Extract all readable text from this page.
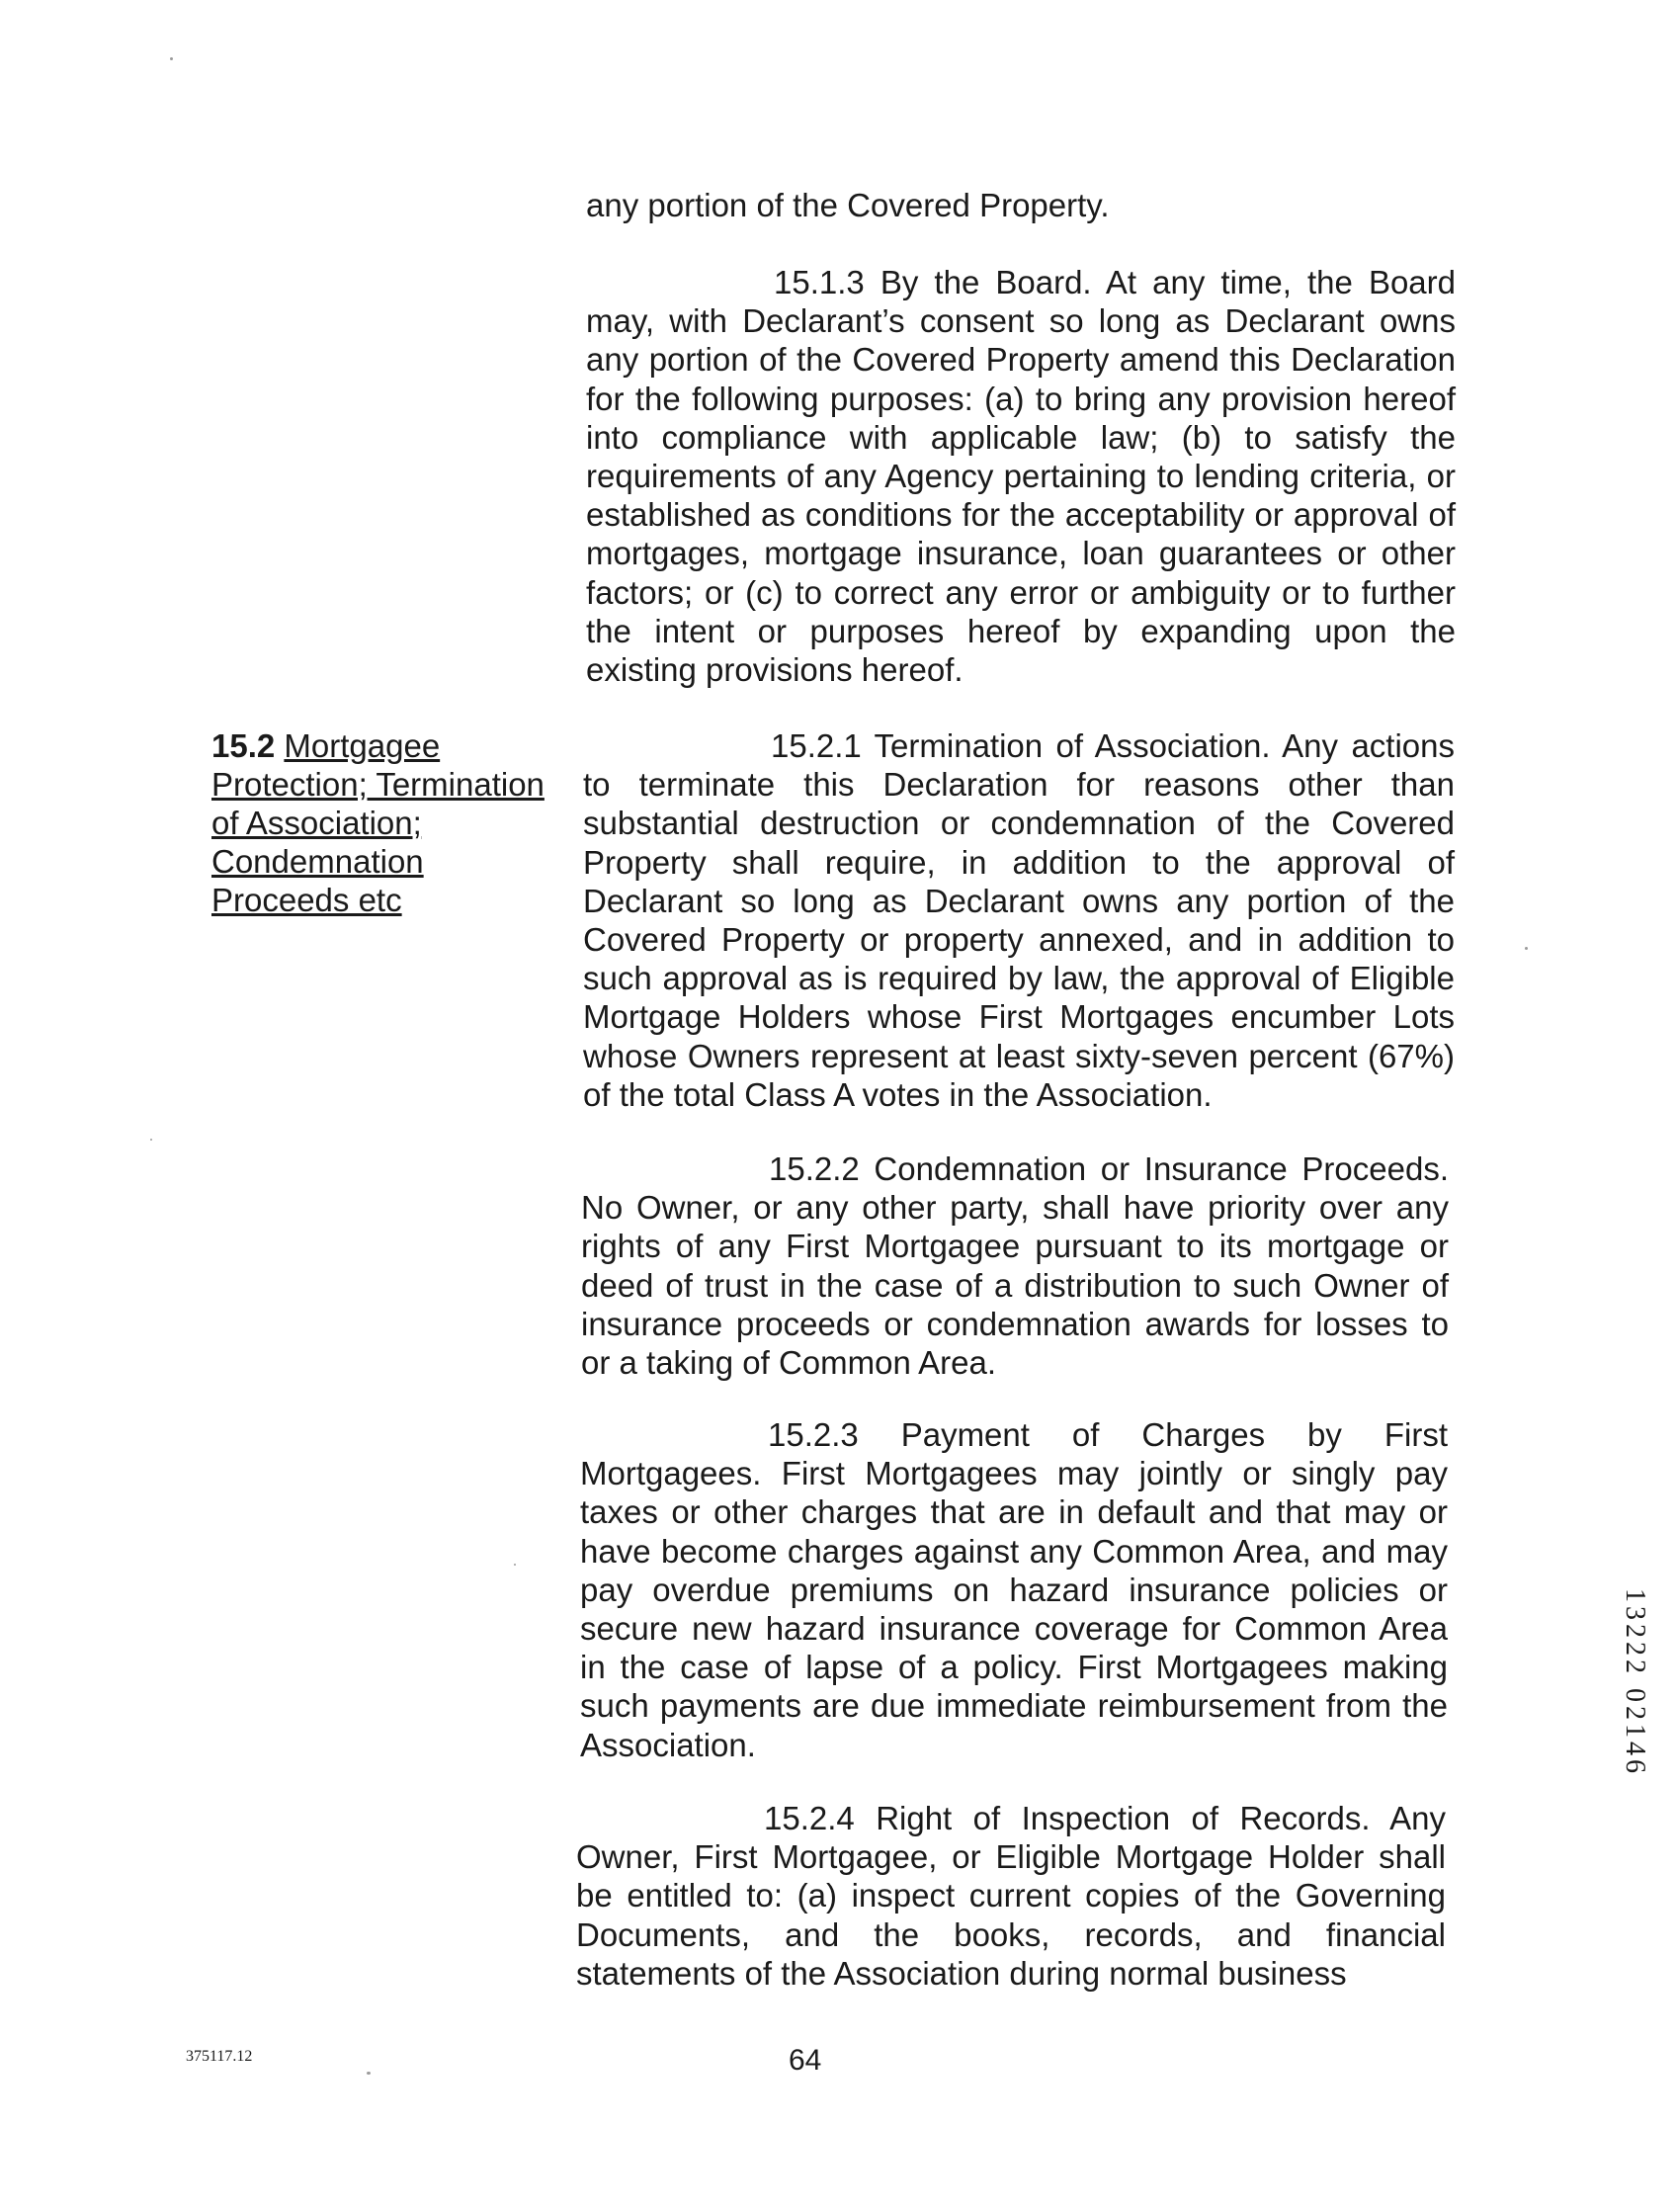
any portion of the Covered Property.

15.1.3 By the Board. At any time, the Board may, with Declarant’s consent so long as Declarant owns any portion of the Covered Property amend this Declaration for the following purposes: (a) to bring any provision hereof into compliance with applicable law; (b) to satisfy the requirements of any Agency pertaining to lending criteria, or established as conditions for the acceptability or approval of mortgages, mortgage insurance, loan guarantees or other factors; or (c) to correct any error or ambiguity or to further the intent or purposes hereof by expanding upon the existing provisions hereof.

15.2 Mortgagee Protection; Termination of Association; Condemnation Proceeds etc

15.2.1 Termination of Association. Any actions to terminate this Declaration for reasons other than substantial destruction or condemnation of the Covered Property shall require, in addition to the approval of Declarant so long as Declarant owns any portion of the Covered Property or property annexed, and in addition to such approval as is required by law, the approval of Eligible Mortgage Holders whose First Mortgages encumber Lots whose Owners represent at least sixty-seven percent (67%) of the total Class A votes in the Association.

15.2.2 Condemnation or Insurance Proceeds. No Owner, or any other party, shall have priority over any rights of any First Mortgagee pursuant to its mortgage or deed of trust in the case of a distribution to such Owner of insurance proceeds or condemnation awards for losses to or a taking of Common Area.

15.2.3 Payment of Charges by First Mortgagees. First Mortgagees may jointly or singly pay taxes or other charges that are in default and that may or have become charges against any Common Area, and may pay overdue premiums on hazard insurance policies or secure new hazard insurance coverage for Common Area in the case of lapse of a policy. First Mortgagees making such payments are due immediate reimbursement from the Association.

15.2.4 Right of Inspection of Records. Any Owner, First Mortgagee, or Eligible Mortgage Holder shall be entitled to: (a) inspect current copies of the Governing Documents, and the books, records, and financial statements of the Association during normal business

375117.12	64

13222 02146
